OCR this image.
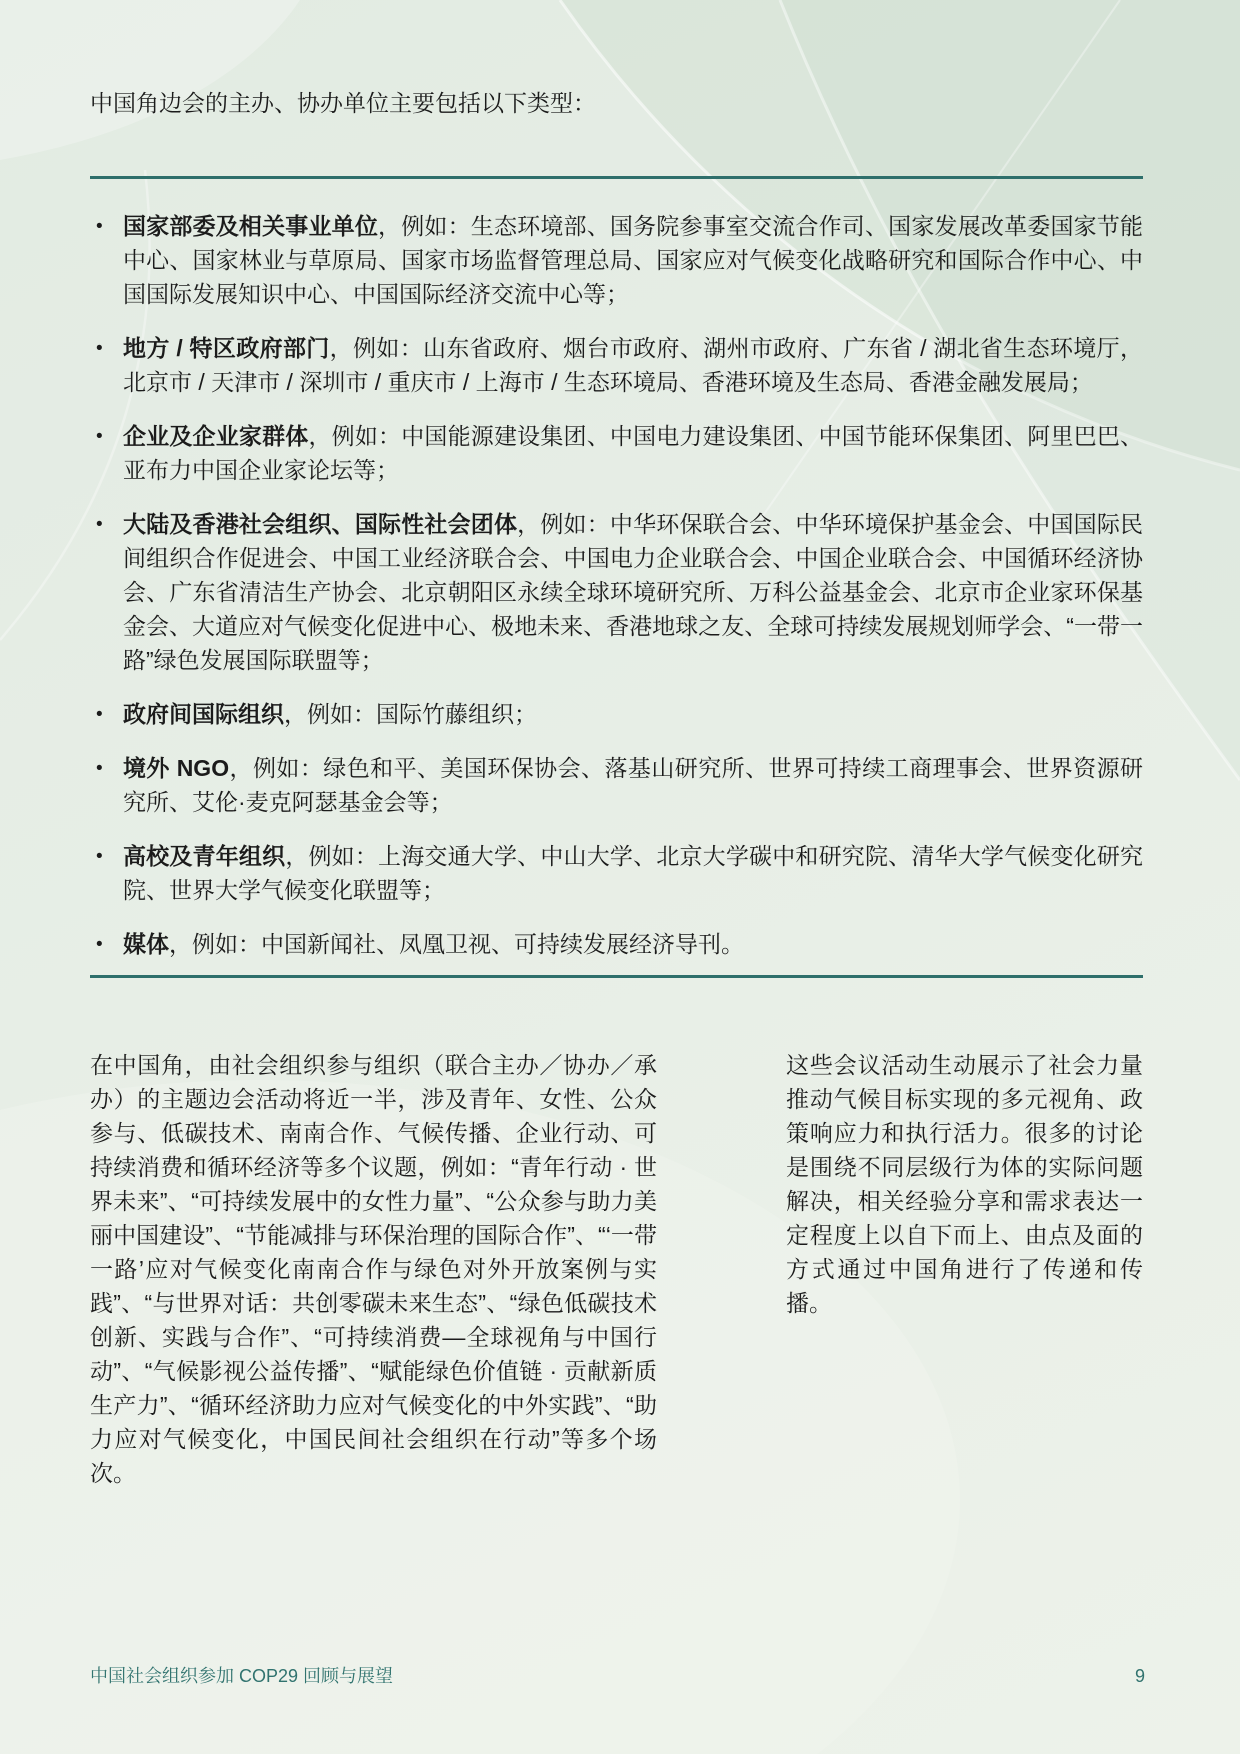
中国角边会的主办、协办单位主要包括以下类型：

• 国家部委及相关事业单位，例如：生态环境部、国务院参事室交流合作司、国家发展改革委国家节能中心、国家林业与草原局、国家市场监督管理总局、国家应对气候变化战略研究和国际合作中心、中国国际发展知识中心、中国国际经济交流中心等；
• 地方 / 特区政府部门，例如：山东省政府、烟台市政府、湖州市政府、广东省 / 湖北省生态环境厅，北京市 / 天津市 / 深圳市 / 重庆市 / 上海市 / 生态环境局、香港环境及生态局、香港金融发展局；
• 企业及企业家群体，例如：中国能源建设集团、中国电力建设集团、中国节能环保集团、阿里巴巴、亚布力中国企业家论坛等；
• 大陆及香港社会组织、国际性社会团体，例如：中华环保联合会、中华环境保护基金会、中国国际民间组织合作促进会、中国工业经济联合会、中国电力企业联合会、中国企业联合会、中国循环经济协会、广东省清洁生产协会、北京朝阳区永续全球环境研究所、万科公益基金会、北京市企业家环保基金会、大道应对气候变化促进中心、极地未来、香港地球之友、全球可持续发展规划师学会、“一带一路”绿色发展国际联盟等；
• 政府间国际组织，例如：国际竹藤组织；
• 境外 NGO，例如：绿色和平、美国环保协会、落基山研究所、世界可持续工商理事会、世界资源研究所、艾伦·麦克阿瑟基金会等；
• 高校及青年组织，例如：上海交通大学、中山大学、北京大学碳中和研究院、清华大学气候变化研究院、世界大学气候变化联盟等；
• 媒体，例如：中国新闻社、凤凰卫视、可持续发展经济导刊。

在中国角，由社会组织参与组织（联合主办／协办／承办）的主题边会活动将近一半，涉及青年、女性、公众参与、低碳技术、南南合作、气候传播、企业行动、可持续消费和循环经济等多个议题，例如：“青年行动 · 世界未来”、“可持续发展中的女性力量”、“公众参与助力美丽中国建设”、“节能减排与环保治理的国际合作”、“‘一带一路’应对气候变化南南合作与绿色对外开放案例与实践”、“与世界对话：共创零碳未来生态”、“绿色低碳技术创新、实践与合作”、“可持续消费—全球视角与中国行动”、“气候影视公益传播”、“赋能绿色价值链 · 贡献新质生产力”、“循环经济助力应对气候变化的中外实践”、“助力应对气候变化，中国民间社会组织在行动”等多个场次。

这些会议活动生动展示了社会力量推动气候目标实现的多元视角、政策响应力和执行活力。很多的讨论是围绕不同层级行为体的实际问题解决，相关经验分享和需求表达一定程度上以自下而上、由点及面的方式通过中国角进行了传递和传播。

中国社会组织参加 COP29 回顾与展望	9
